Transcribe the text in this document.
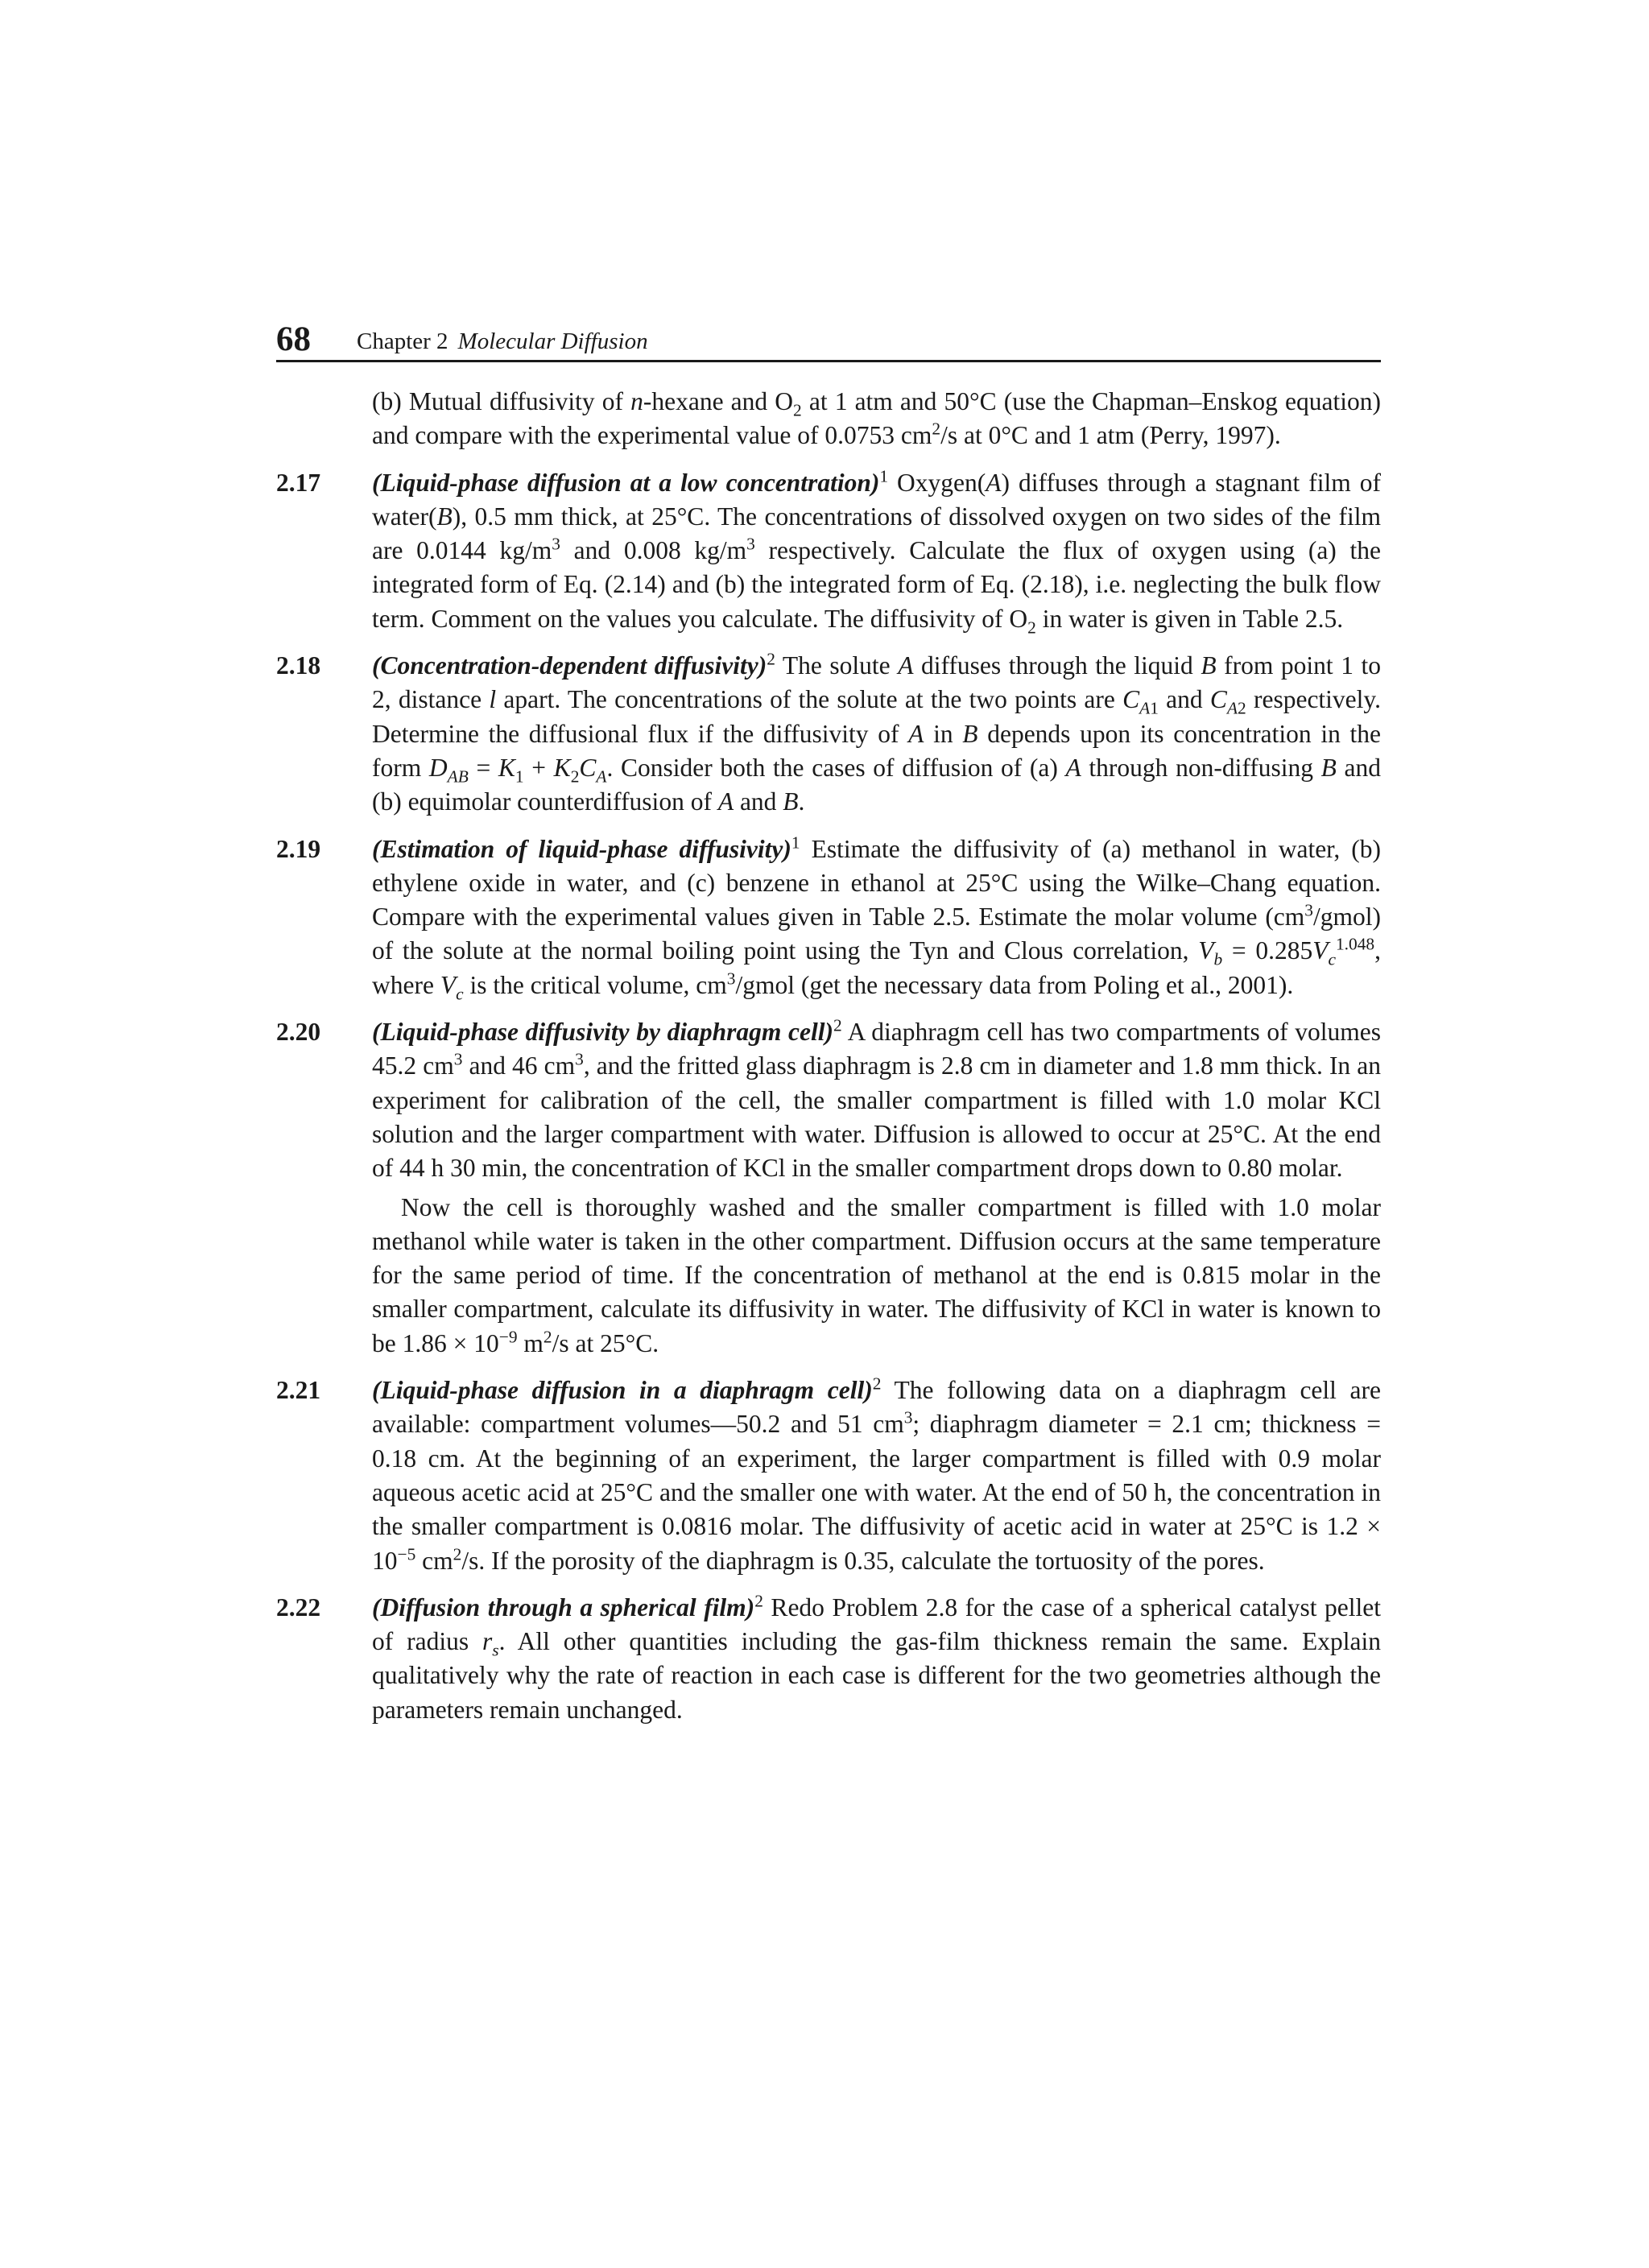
68 Chapter 2 Molecular Diffusion

(b) Mutual diffusivity of n-hexane and $O_2$ at 1 atm and 50°C (use the Chapman–Enskog equation) and compare with the experimental value of 0.0753 $cm^2/s$ at 0°C and 1 atm (Perry, 1997).

2.17 (Liquid-phase diffusion at a low concentration)$^1$ Oxygen(A) diffuses through a stagnant film of water(B), 0.5 mm thick, at 25°C. The concentrations of dissolved oxygen on two sides of the film are 0.0144 $kg/m^3$ and 0.008 $kg/m^3$ respectively. Calculate the flux of oxygen using (a) the integrated form of Eq. (2.14) and (b) the integrated form of Eq. (2.18), i.e. neglecting the bulk flow term. Comment on the values you calculate. The diffusivity of $O_2$ in water is given in Table 2.5.

2.18 (Concentration-dependent diffusivity)$^2$ The solute A diffuses through the liquid B from point 1 to 2, distance l apart. The concentrations of the solute at the two points are $C_{A1}$ and $C_{A2}$ respectively. Determine the diffusional flux if the diffusivity of A in B depends upon its concentration in the form $D_{AB} = K_1 + K_2C_A$. Consider both the cases of diffusion of (a) A through non-diffusing B and (b) equimolar counterdiffusion of A and B.

2.19 (Estimation of liquid-phase diffusivity)$^1$ Estimate the diffusivity of (a) methanol in water, (b) ethylene oxide in water, and (c) benzene in ethanol at 25°C using the Wilke–Chang equation. Compare with the experimental values given in Table 2.5. Estimate the molar volume $(cm^3/gmol)$ of the solute at the normal boiling point using the Tyn and Clous correlation, $V_b = 0.285V_c^{1.048}$, where $V_c$ is the critical volume, $cm^3$/gmol (get the necessary data from Poling et al., 2001).

2.20 (Liquid-phase diffusivity by diaphragm cell)$^2$ A diaphragm cell has two compartments of volumes 45.2 $cm^3$ and 46 $cm^3$, and the fritted glass diaphragm is 2.8 cm in diameter and 1.8 mm thick. In an experiment for calibration of the cell, the smaller compartment is filled with 1.0 molar KCl solution and the larger compartment with water. Diffusion is allowed to occur at 25°C. At the end of 44 h 30 min, the concentration of KCl in the smaller compartment drops down to 0.80 molar.

Now the cell is thoroughly washed and the smaller compartment is filled with 1.0 molar methanol while water is taken in the other compartment. Diffusion occurs at the same temperature for the same period of time. If the concentration of methanol at the end is 0.815 molar in the smaller compartment, calculate its diffusivity in water. The diffusivity of KCl in water is known to be $1.86 \times 10^{-9}$ $m^2/s$ at 25°C.

2.21 (Liquid-phase diffusion in a diaphragm cell)$^2$ The following data on a diaphragm cell are available: compartment volumes—50.2 and 51 $cm^3$; diaphragm diameter = 2.1 cm; thickness = 0.18 cm. At the beginning of an experiment, the larger compartment is filled with 0.9 molar aqueous acetic acid at 25°C and the smaller one with water. At the end of 50 h, the concentration in the smaller compartment is 0.0816 molar. The diffusivity of acetic acid in water at 25°C is $1.2 \times 10^{-5}$ $cm^2/s$. If the porosity of the diaphragm is 0.35, calculate the tortuosity of the pores.

2.22 (Diffusion through a spherical film)$^2$ Redo Problem 2.8 for the case of a spherical catalyst pellet of radius $r_s$. All other quantities including the gas-film thickness remain the same. Explain qualitatively why the rate of reaction in each case is different for the two geometries although the parameters remain unchanged.
